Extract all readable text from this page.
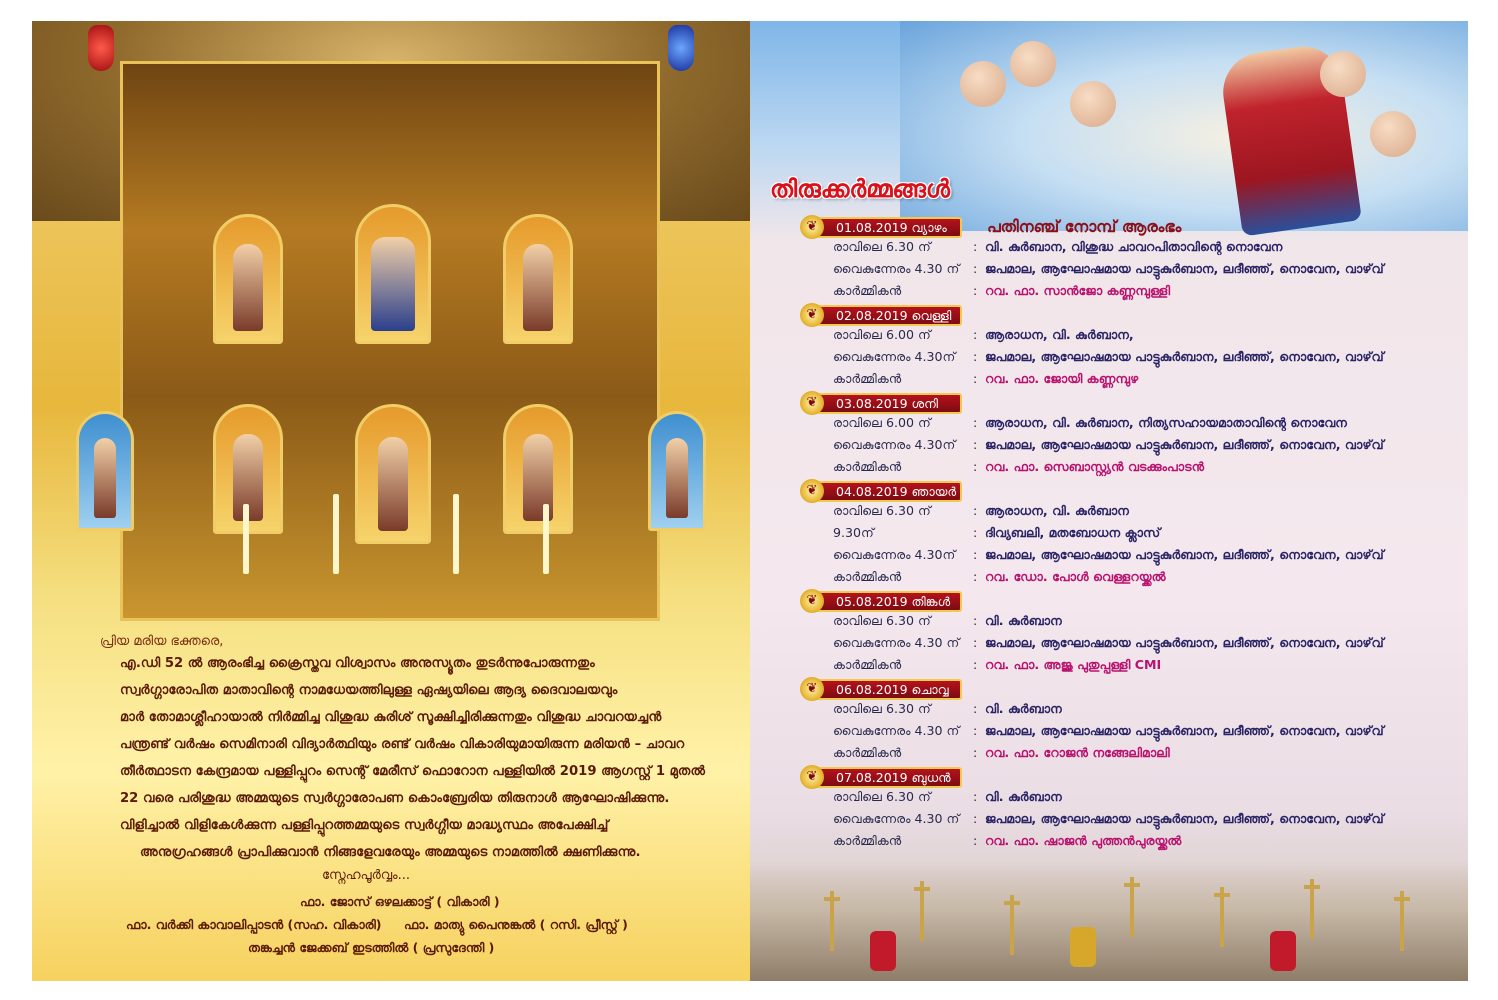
പ്രിയ മരിയ ഭക്തരെ,
എ.ഡി 52 ൽ ആരംഭിച്ച ക്രൈസ്തവ വിശ്വാസം അനുസ്യൂതം തുടർന്നുപോരുന്നതും
സ്വർഗ്ഗാരോപിത മാതാവിന്റെ നാമധേയത്തിലുള്ള ഏഷ്യയിലെ ആദ്യ ദൈവാലയവും
മാർ തോമാശ്ലീഹായാൽ നിർമ്മിച്ച വിശുദ്ധ കുരിശ് സൂക്ഷിച്ചിരിക്കുന്നതും വിശുദ്ധ ചാവറയച്ചൻ
പന്ത്രണ്ട് വർഷം സെമിനാരി വിദ്യാർത്ഥിയും രണ്ട് വർഷം വികാരിയുമായിരുന്ന മരിയൻ – ചാവറ
തീർത്ഥാടന കേന്ദ്രമായ പള്ളിപ്പുറം സെന്റ് മേരീസ് ഫൊറോന പള്ളിയിൽ 2019 ആഗസ്റ്റ് 1 മുതൽ
22 വരെ പരിശുദ്ധ അമ്മയുടെ സ്വർഗ്ഗാരോപണ കൊംബ്രേരിയ തിരുനാൾ ആഘോഷിക്കുന്നു.
വിളിച്ചാൽ വിളികേൾക്കുന്ന പള്ളിപ്പുറത്തമ്മയുടെ സ്വർഗ്ഗീയ മാദ്ധ്യസ്ഥം അപേക്ഷിച്ച്
അനുഗ്രഹങ്ങൾ പ്രാപിക്കുവാൻ നിങ്ങളേവരേയും അമ്മയുടെ നാമത്തിൽ ക്ഷണിക്കുന്നു.
സ്നേഹപൂർവ്വം...
ഫാ. ജോസ് ഒഴലക്കാട്ട് ( വികാരി )
ഫാ. വർക്കി കാവാലിപ്പാടൻ (സഹ. വികാരി) ഫാ. മാത്യു പൈനുങ്കൽ ( റസി. പ്രീസ്റ്റ് )
തങ്കച്ചൻ ജേക്കബ് ഇടത്തിൽ ( പ്രസുദേന്തി )
തിരുക്കർമ്മങ്ങൾ
പതിനഞ്ച് നോമ്പ് ആരംഭം
❦	01.08.2019 വ്യാഴം
രാവിലെ 6.30 ന്	: വി. കുർബാന, വിശുദ്ധ ചാവറപിതാവിന്റെ നൊവേന
വൈകുന്നേരം 4.30 ന് : ജപമാല, ആഘോഷമായ പാട്ടുകുർബാന, ലദീഞ്ഞ്, നൊവേന, വാഴ്‌വ്
കാർമ്മികൻ	: റവ. ഫാ. സാൻജോ കണ്ണമ്പുള്ളി
❦	02.08.2019 വെള്ളി
രാവിലെ 6.00 ന്	: ആരാധന, വി. കുർബാന,
വൈകുന്നേരം 4.30ന് : ജപമാല, ആഘോഷമായ പാട്ടുകുർബാന, ലദീഞ്ഞ്, നൊവേന, വാഴ്‌വ്
കാർമ്മികൻ	: റവ. ഫാ. ജോയി കണ്ണമ്പുഴ
❦	03.08.2019 ശനി
രാവിലെ 6.00 ന്	: ആരാധന, വി. കുർബാന, നിത്യസഹായമാതാവിന്റെ നൊവേന
വൈകുന്നേരം 4.30ന് : ജപമാല, ആഘോഷമായ പാട്ടുകുർബാന, ലദീഞ്ഞ്, നൊവേന, വാഴ്‌വ്
കാർമ്മികൻ	: റവ. ഫാ. സെബാസ്റ്റ്യൻ വടക്കുംപാടൻ
❦	04.08.2019 ഞായർ
രാവിലെ 6.30 ന്	: ആരാധന, വി. കുർബാന
9.30ന്	: ദിവ്യബലി, മതബോധന ക്ലാസ്
വൈകുന്നേരം 4.30ന് : ജപമാല, ആഘോഷമായ പാട്ടുകുർബാന, ലദീഞ്ഞ്, നൊവേന, വാഴ്‌വ്
കാർമ്മികൻ	: റവ. ഡോ. പോൾ വെള്ളറയ്ക്കൽ
❦	05.08.2019 തിങ്കൾ
രാവിലെ 6.30 ന്	: വി. കുർബാന
വൈകുന്നേരം 4.30 ന് : ജപമാല, ആഘോഷമായ പാട്ടുകുർബാന, ലദീഞ്ഞ്, നൊവേന, വാഴ്‌വ്
കാർമ്മികൻ	: റവ. ഫാ. അജു പുതുപ്പള്ളി CMI
❦	06.08.2019 ചൊവ്വ
രാവിലെ 6.30 ന്	: വി. കുർബാന
വൈകുന്നേരം 4.30 ന് : ജപമാല, ആഘോഷമായ പാട്ടുകുർബാന, ലദീഞ്ഞ്, നൊവേന, വാഴ്‌വ്
കാർമ്മികൻ	: റവ. ഫാ. റോജൻ നങ്ങേലിമാലി
❦	07.08.2019 ബുധൻ
രാവിലെ 6.30 ന്	: വി. കുർബാന
വൈകുന്നേരം 4.30 ന് : ജപമാല, ആഘോഷമായ പാട്ടുകുർബാന, ലദീഞ്ഞ്, നൊവേന, വാഴ്‌വ്
കാർമ്മികൻ	: റവ. ഫാ. ഷാജൻ പുത്തൻപുരയ്ക്കൽ
